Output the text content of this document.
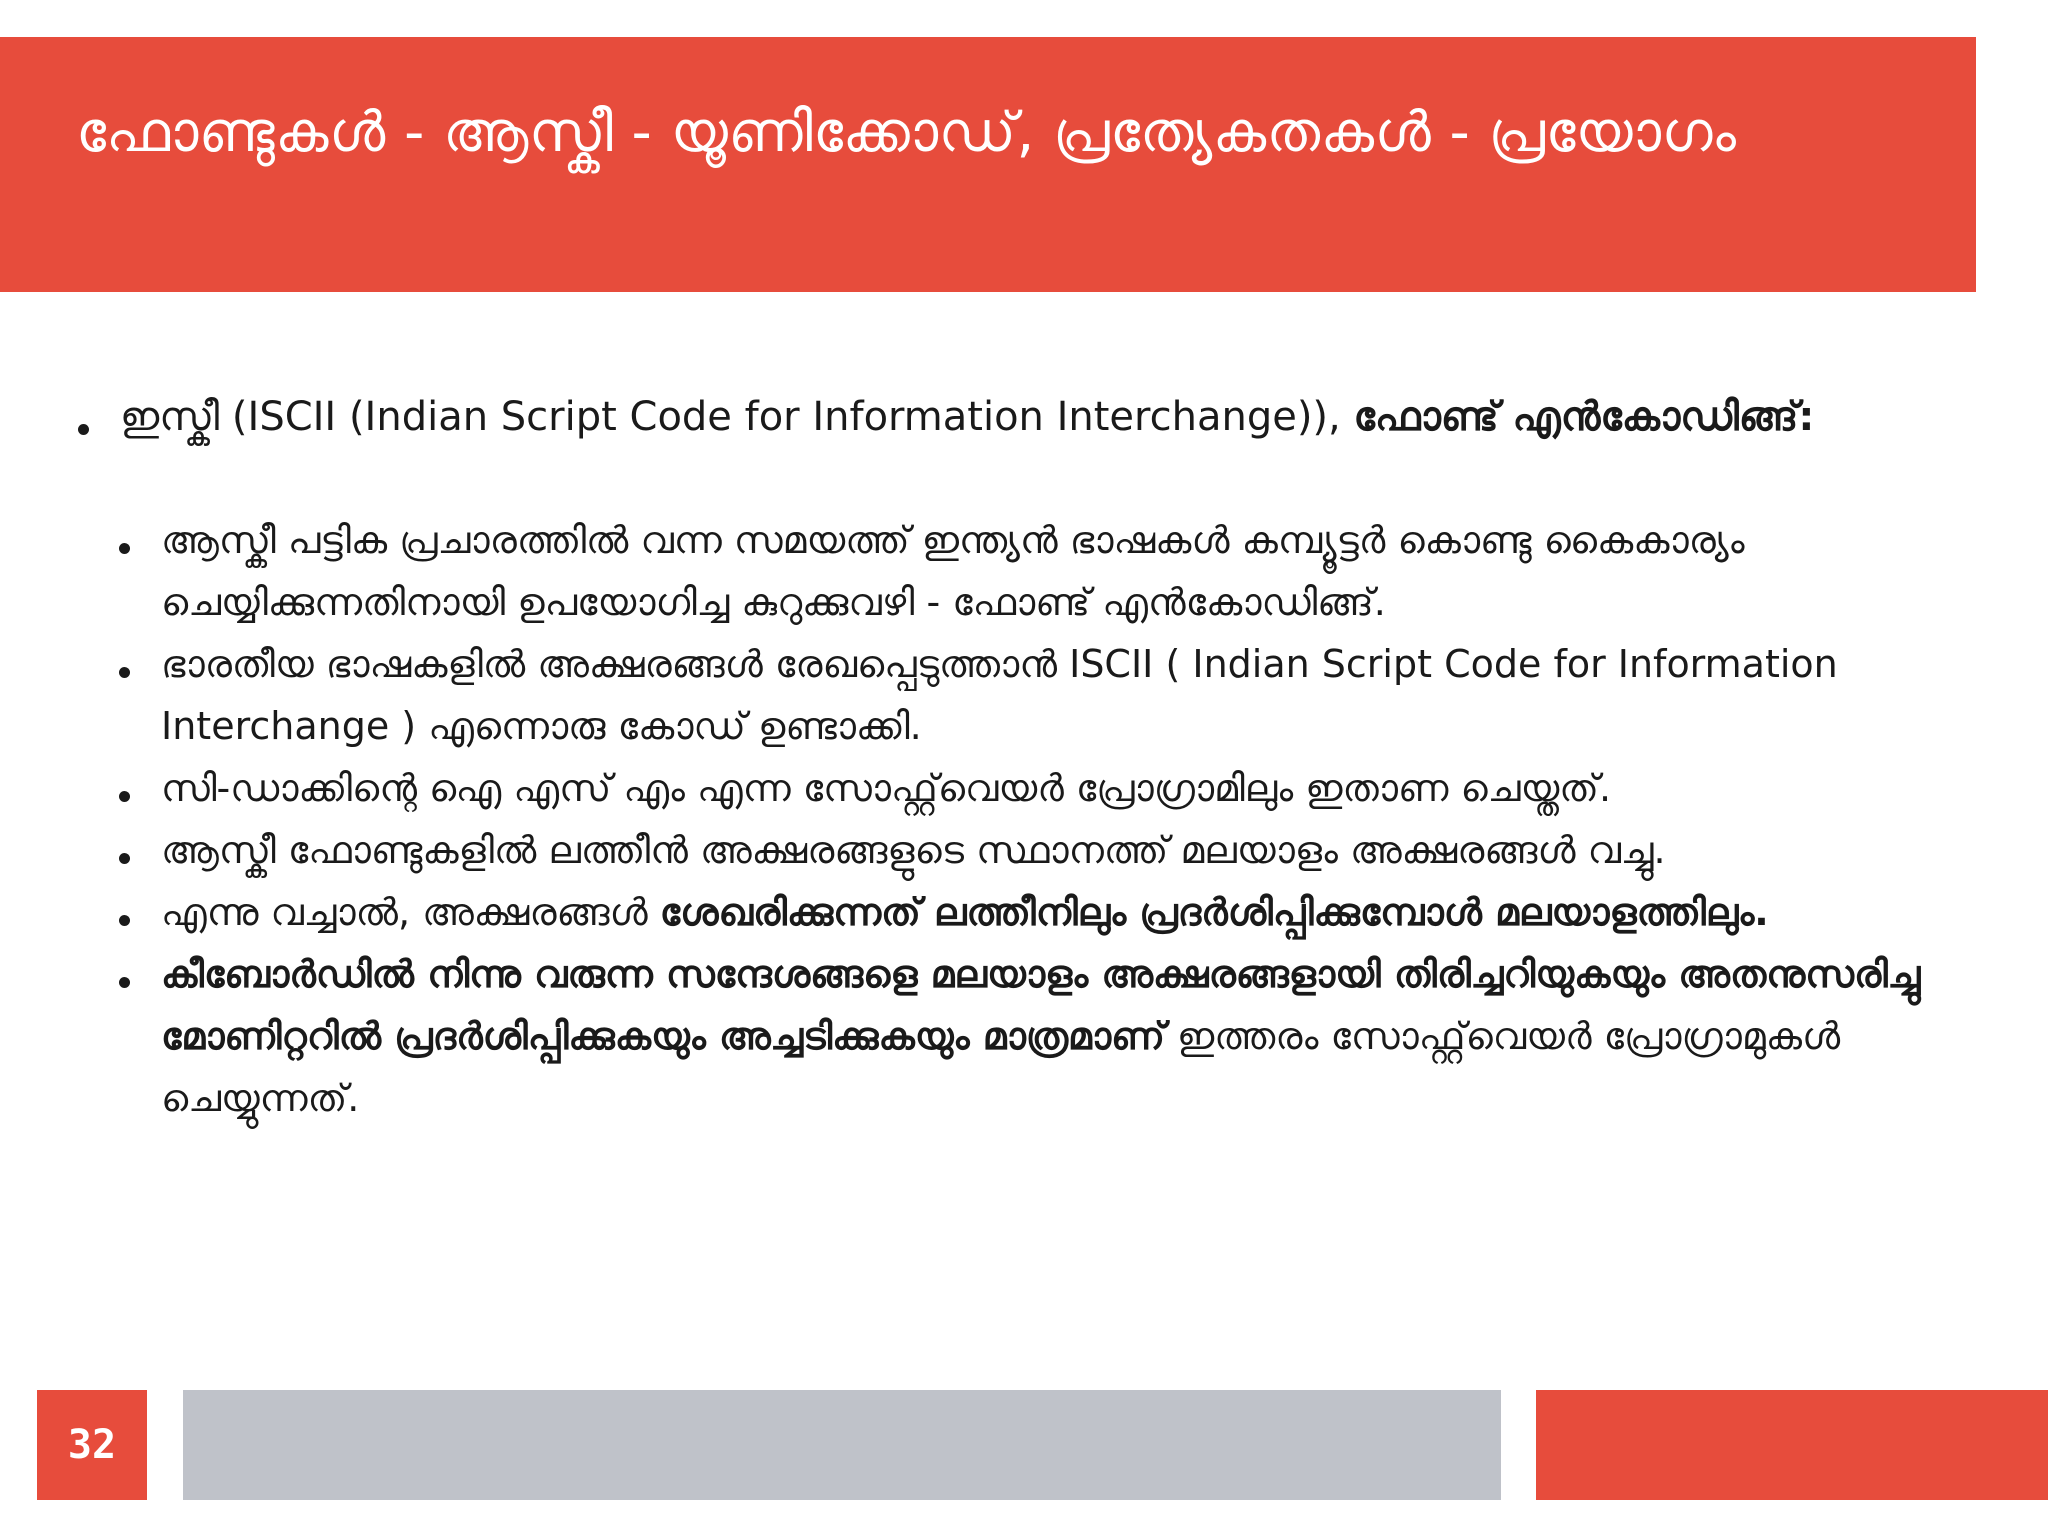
ഫോണ്ടുകൾ - ആസ്കീ - യൂണിക്കോഡ്, പ്രത്യേകതകൾ - പ്രയോഗം
ഇസ്കീ (ISCII (Indian Script Code for Information Interchange)), ഫോണ്ട് എൻകോഡിങ്ങ്:
ആസ്കീ പട്ടിക പ്രചാരത്തിൽ വന്ന സമയത്ത് ഇന്ത്യൻ ഭാഷകൾ കമ്പ്യൂട്ടർ കൊണ്ടു കൈകാര്യം ചെയ്യിക്കുന്നതിനായി ഉപയോഗിച്ച കുറുക്കുവഴി - ഫോണ്ട് എൻകോഡിങ്ങ്.
ഭാരതീയ ഭാഷകളിൽ അക്ഷരങ്ങൾ രേഖപ്പെടുത്താൻ ISCII ( Indian Script Code for Information Interchange ) എന്നൊരു കോഡ് ഉണ്ടാക്കി.
സി-ഡാക്കിന്റെ ഐ എസ് എം എന്ന സോഫ്റ്റ്‌വെയർ പ്രോഗ്രാമിലും ഇതാണ ചെയ്തത്.
ആസ്കീ ഫോണ്ടുകളിൽ ലത്തീൻ അക്ഷരങ്ങളുടെ സ്ഥാനത്ത് മലയാളം അക്ഷരങ്ങൾ വച്ചു.
എന്നു വച്ചാൽ, അക്ഷരങ്ങൾ ശേഖരിക്കുന്നത് ലത്തീനിലും പ്രദർശിപ്പിക്കുമ്പോൾ മലയാളത്തിലും.
കീബോർഡിൽ നിന്നു വരുന്ന സന്ദേശങ്ങളെ മലയാളം അക്ഷരങ്ങളായി തിരിച്ചറിയുകയും അതനുസരിച്ചു മോണിറ്ററിൽ പ്രദർശിപ്പിക്കുകയും അച്ചടിക്കുകയും മാത്രമാണ് ഇത്തരം സോഫ്റ്റ്‌വെയർ പ്രോഗ്രാമുകൾ ചെയ്യുന്നത്.
32
